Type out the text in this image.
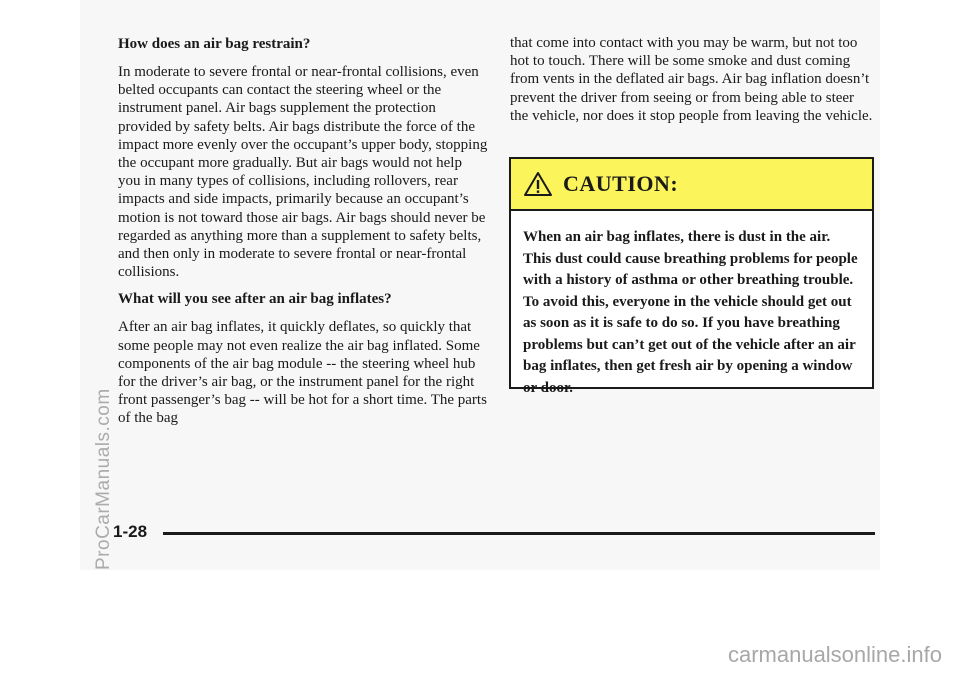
How does an air bag restrain?

In moderate to severe frontal or near-frontal collisions, even belted occupants can contact the steering wheel or the instrument panel. Air bags supplement the protection provided by safety belts. Air bags distribute the force of the impact more evenly over the occupant’s upper body, stopping the occupant more gradually. But air bags would not help you in many types of collisions, including rollovers, rear impacts and side impacts, primarily because an occupant’s motion is not toward those air bags. Air bags should never be regarded as anything more than a supplement to safety belts, and then only in moderate to severe frontal or near-frontal collisions.

What will you see after an air bag inflates?

After an air bag inflates, it quickly deflates, so quickly that some people may not even realize the air bag inflated. Some components of the air bag module -- the steering wheel hub for the driver’s air bag, or the instrument panel for the right front passenger’s bag -- will be hot for a short time. The parts of the bag

that come into contact with you may be warm, but not too hot to touch. There will be some smoke and dust coming from vents in the deflated air bags. Air bag inflation doesn’t prevent the driver from seeing or from being able to steer the vehicle, nor does it stop people from leaving the vehicle.

CAUTION:
When an air bag inflates, there is dust in the air. This dust could cause breathing problems for people with a history of asthma or other breathing trouble. To avoid this, everyone in the vehicle should get out as soon as it is safe to do so. If you have breathing problems but can’t get out of the vehicle after an air bag inflates, then get fresh air by opening a window or door.
1-28
ProCarManuals.com
carmanualsonline.info
